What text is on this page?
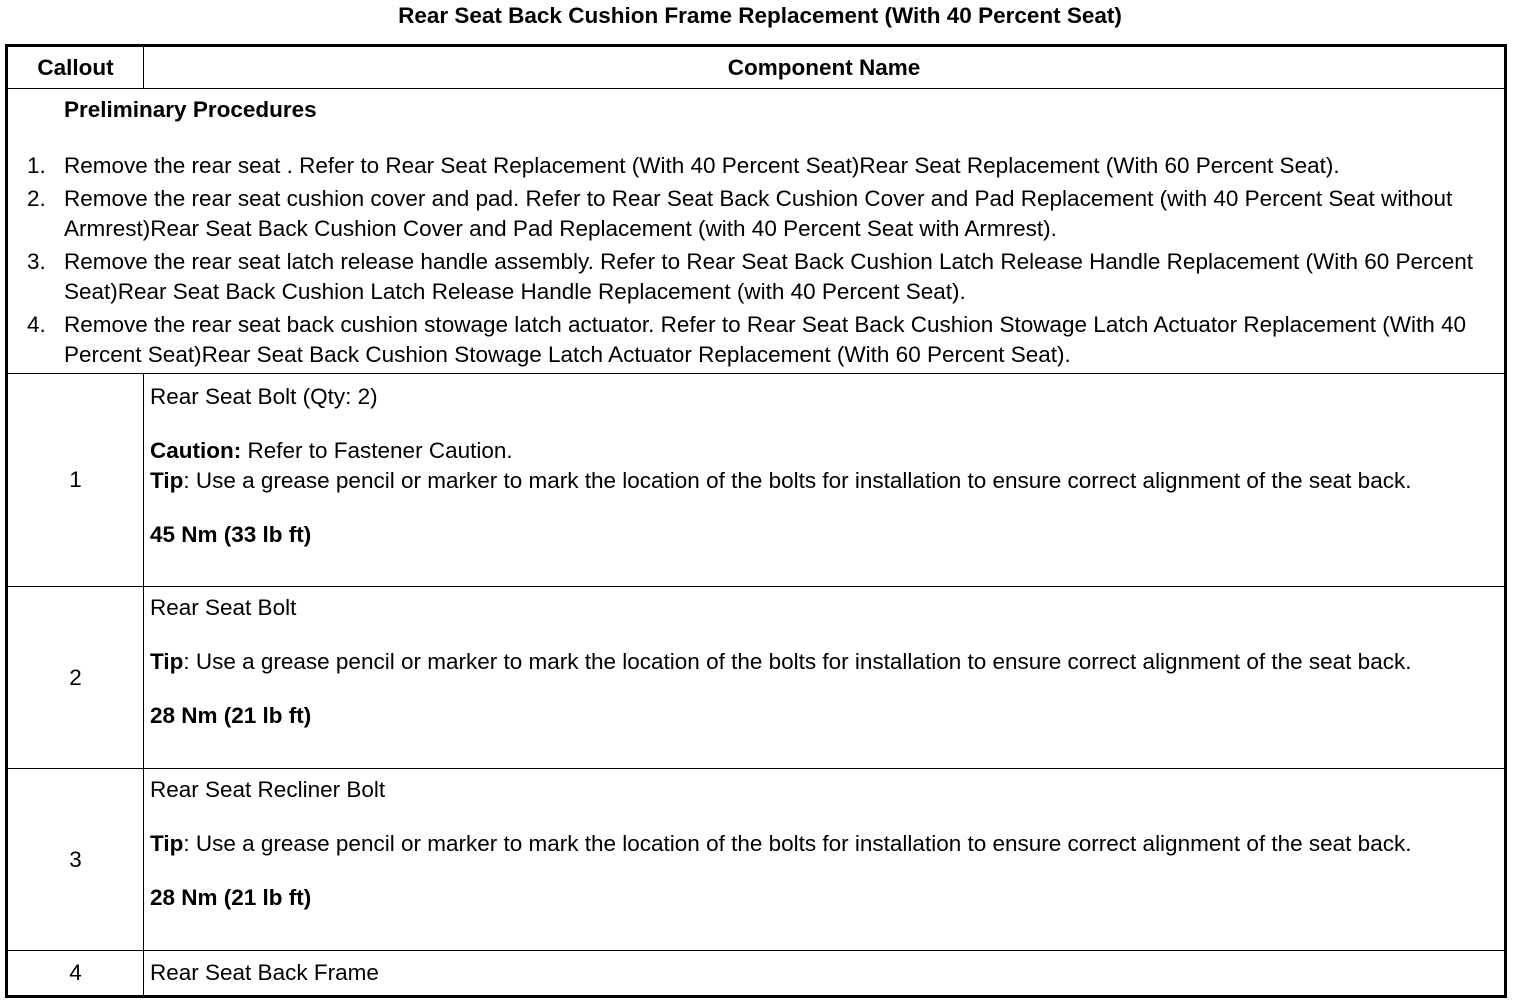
Rear Seat Back Cushion Frame Replacement (With 40 Percent Seat)
Callout	Component Name
Preliminary Procedures
1. Remove the rear seat . Refer to Rear Seat Replacement (With 40 Percent Seat)Rear Seat Replacement (With 60 Percent Seat).
2. Remove the rear seat cushion cover and pad. Refer to Rear Seat Back Cushion Cover and Pad Replacement (with 40 Percent Seat without Armrest)Rear Seat Back Cushion Cover and Pad Replacement (with 40 Percent Seat with Armrest).
3. Remove the rear seat latch release handle assembly. Refer to Rear Seat Back Cushion Latch Release Handle Replacement (With 60 Percent Seat)Rear Seat Back Cushion Latch Release Handle Replacement (with 40 Percent Seat).
4. Remove the rear seat back cushion stowage latch actuator. Refer to Rear Seat Back Cushion Stowage Latch Actuator Replacement (With 40 Percent Seat)Rear Seat Back Cushion Stowage Latch Actuator Replacement (With 60 Percent Seat).
1
Rear Seat Bolt (Qty: 2)
Caution: Refer to Fastener Caution.
Tip: Use a grease pencil or marker to mark the location of the bolts for installation to ensure correct alignment of the seat back.
45 Nm (33 lb ft)
2
Rear Seat Bolt
Tip: Use a grease pencil or marker to mark the location of the bolts for installation to ensure correct alignment of the seat back.
28 Nm (21 lb ft)
3
Rear Seat Recliner Bolt
Tip: Use a grease pencil or marker to mark the location of the bolts for installation to ensure correct alignment of the seat back.
28 Nm (21 lb ft)
4	Rear Seat Back Frame
